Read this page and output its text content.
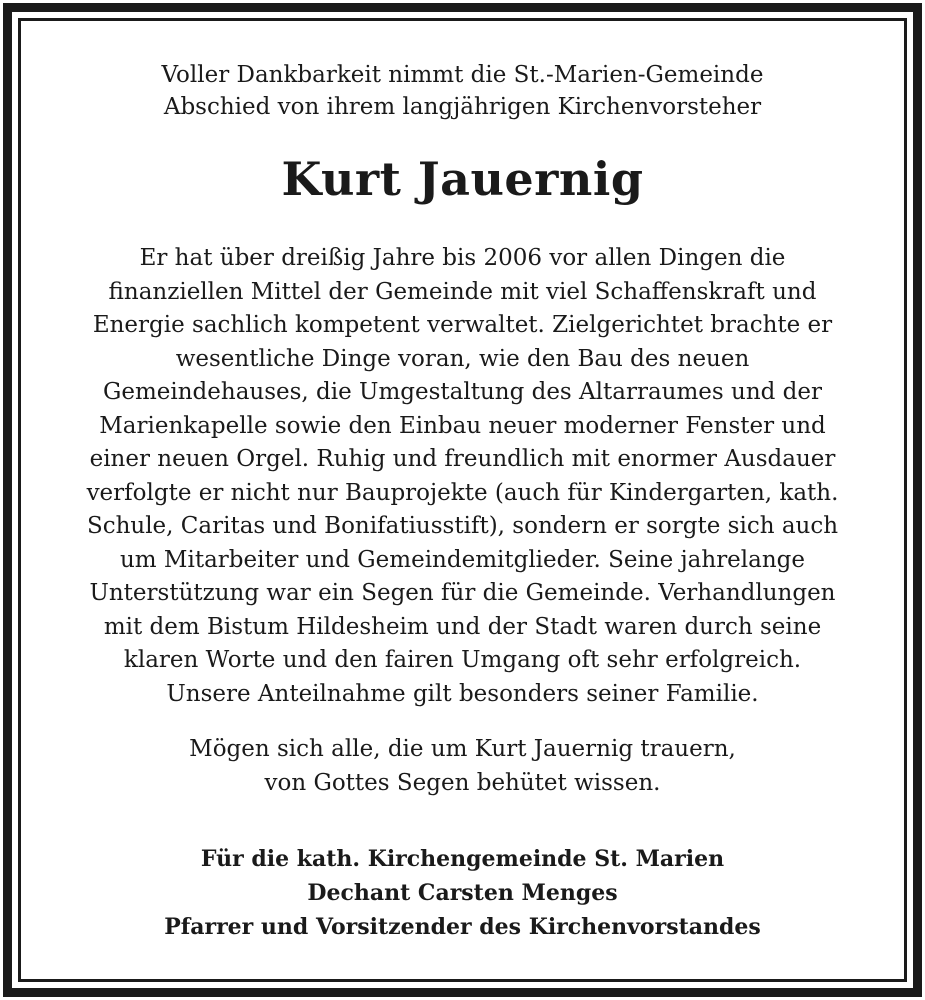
Voller Dankbarkeit nimmt die St.-Marien-Gemeinde
Abschied von ihrem langjährigen Kirchenvorsteher

Kurt Jauernig

Er hat über dreißig Jahre bis 2006 vor allen Dingen die
finanziellen Mittel der Gemeinde mit viel Schaffenskraft und
Energie sachlich kompetent verwaltet. Zielgerichtet brachte er
wesentliche Dinge voran, wie den Bau des neuen
Gemeindehauses, die Umgestaltung des Altarraumes und der
Marienkapelle sowie den Einbau neuer moderner Fenster und
einer neuen Orgel. Ruhig und freundlich mit enormer Ausdauer
verfolgte er nicht nur Bauprojekte (auch für Kindergarten, kath.
Schule, Caritas und Bonifatiusstift), sondern er sorgte sich auch
um Mitarbeiter und Gemeindemitglieder. Seine jahrelange
Unterstützung war ein Segen für die Gemeinde. Verhandlungen
mit dem Bistum Hildesheim und der Stadt waren durch seine
klaren Worte und den fairen Umgang oft sehr erfolgreich.
Unsere Anteilnahme gilt besonders seiner Familie.

Mögen sich alle, die um Kurt Jauernig trauern,
von Gottes Segen behütet wissen.

Für die kath. Kirchengemeinde St. Marien
Dechant Carsten Menges
Pfarrer und Vorsitzender des Kirchenvorstandes
